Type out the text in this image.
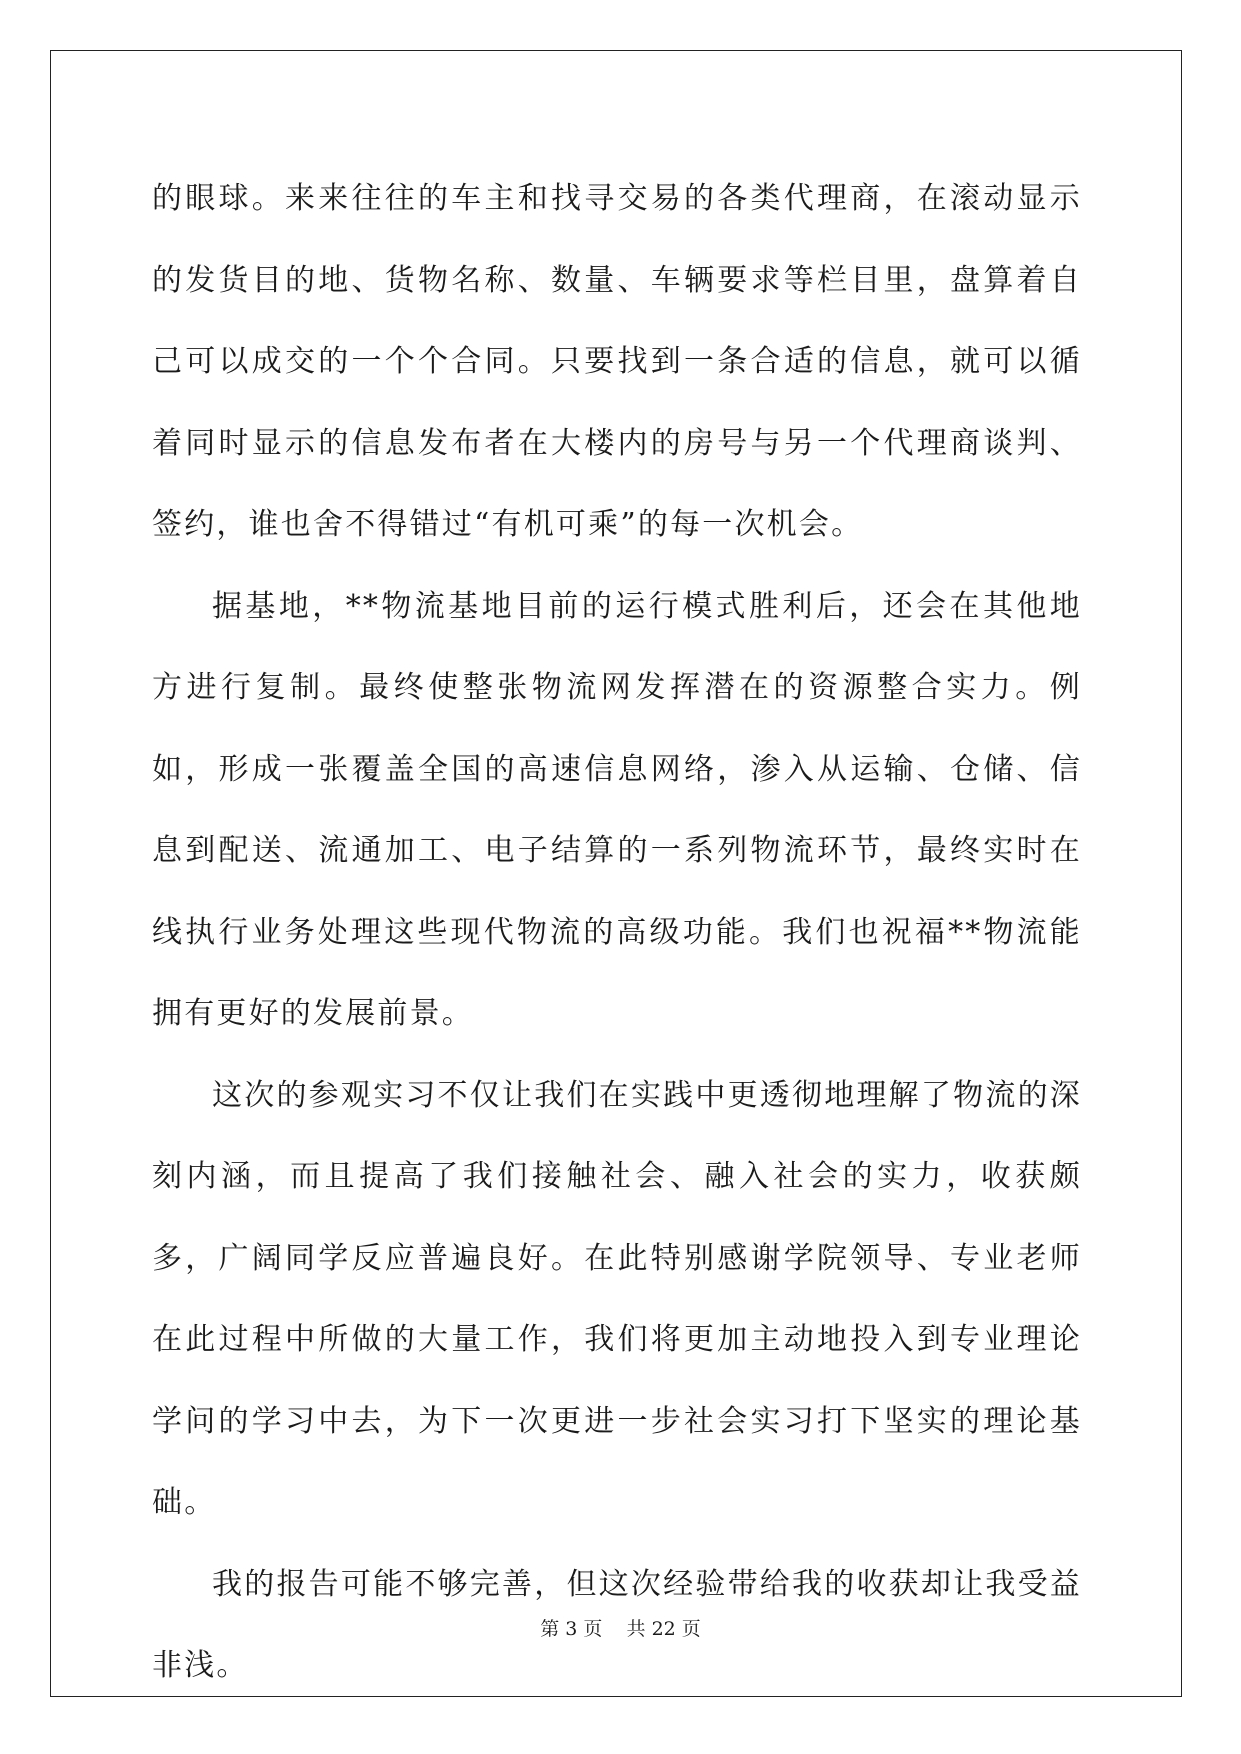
的眼球。来来往往的车主和找寻交易的各类代理商，在滚动显示的发货目的地、货物名称、数量、车辆要求等栏目里，盘算着自己可以成交的一个个合同。只要找到一条合适的信息，就可以循着同时显示的信息发布者在大楼内的房号与另一个代理商谈判、签约，谁也舍不得错过“有机可乘”的每一次机会。

据基地，**物流基地目前的运行模式胜利后，还会在其他地方进行复制。最终使整张物流网发挥潜在的资源整合实力。例如，形成一张覆盖全国的高速信息网络，渗入从运输、仓储、信息到配送、流通加工、电子结算的一系列物流环节，最终实时在线执行业务处理这些现代物流的高级功能。我们也祝福**物流能拥有更好的发展前景。

这次的参观实习不仅让我们在实践中更透彻地理解了物流的深刻内涵，而且提高了我们接触社会、融入社会的实力，收获颇多，广阔同学反应普遍良好。在此特别感谢学院领导、专业老师在此过程中所做的大量工作，我们将更加主动地投入到专业理论学问的学习中去，为下一次更进一步社会实习打下坚实的理论基础。

我的报告可能不够完善，但这次经验带给我的收获却让我受益非浅。

第 3 页 共 22 页
